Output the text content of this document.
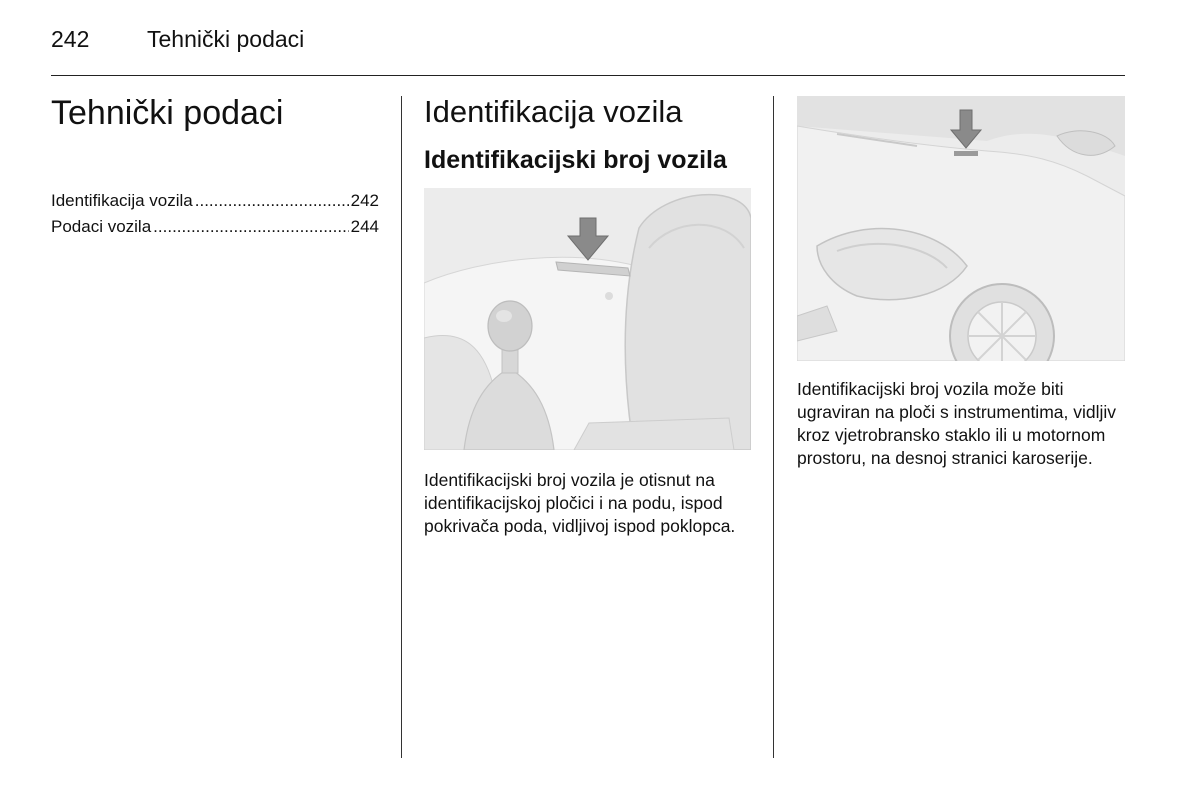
242	Tehnički podaci
Tehnički podaci
Identifikacija vozila .....	242
Podaci vozila .....	244
Identifikacija vozila
Identifikacijski broj vozila

Identifikacijski broj vozila je otisnut na identifikacijskoj pločici i na podu, ispod pokrivača poda, vidljivoj ispod poklopca.

Identifikacijski broj vozila može biti ugraviran na ploči s instrumentima, vidljiv kroz vjetrobransko staklo ili u motornom prostoru, na desnoj stranici karoserije.
